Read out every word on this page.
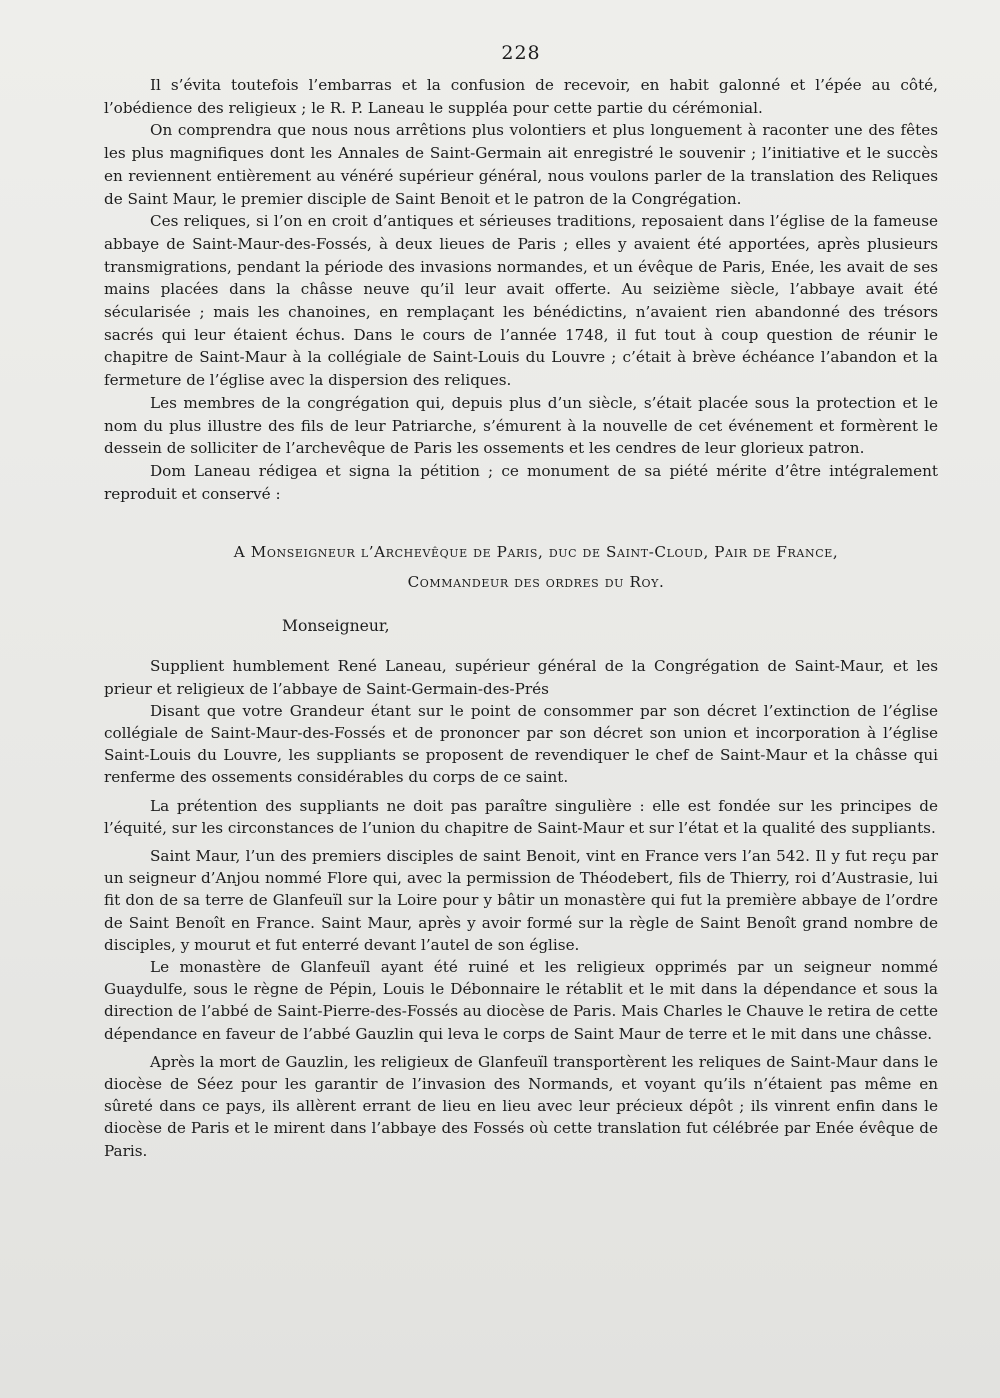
228

Il s’évita toutefois l’embarras et la confusion de recevoir, en habit galonné et l’épée au côté, l’obédience des religieux ; le R. P. Laneau le suppléa pour cette partie du cérémonial.

On comprendra que nous nous arrêtions plus volontiers et plus longuement à raconter une des fêtes les plus magnifiques dont les Annales de Saint-Germain ait enregistré le souvenir ; l’initiative et le succès en reviennent entièrement au vénéré supérieur général, nous voulons parler de la translation des Reliques de Saint Maur, le premier disciple de Saint Benoit et le patron de la Congrégation.

Ces reliques, si l’on en croit d’antiques et sérieuses traditions, reposaient dans l’église de la fameuse abbaye de Saint-Maur-des-Fossés, à deux lieues de Paris ; elles y avaient été apportées, après plusieurs transmigrations, pendant la période des invasions normandes, et un évêque de Paris, Enée, les avait de ses mains placées dans la châsse neuve qu’il leur avait offerte. Au seizième siècle, l’abbaye avait été sécularisée ; mais les chanoines, en remplaçant les bénédictins, n’avaient rien abandonné des trésors sacrés qui leur étaient échus. Dans le cours de l’année 1748, il fut tout à coup question de réunir le chapitre de Saint-Maur à la collégiale de Saint-Louis du Louvre ; c’était à brève échéance l’abandon et la fermeture de l’église avec la dispersion des reliques.

Les membres de la congrégation qui, depuis plus d’un siècle, s’était placée sous la protection et le nom du plus illustre des fils de leur Patriarche, s’émurent à la nouvelle de cet événement et formèrent le dessein de solliciter de l’archevêque de Paris les ossements et les cendres de leur glorieux patron.

Dom Laneau rédigea et signa la pétition ; ce monument de sa piété mérite d’être intégralement reproduit et conservé :

A Monseigneur l’Archevêque de Paris, duc de Saint-Cloud, Pair de France,
Commandeur des ordres du Roy.
Monseigneur,

Supplient humblement René Laneau, supérieur général de la Congrégation de Saint-Maur, et les prieur et religieux de l’abbaye de Saint-Germain-des-Prés

Disant que votre Grandeur étant sur le point de consommer par son décret l’extinction de l’église collégiale de Saint-Maur-des-Fossés et de prononcer par son décret son union et incorporation à l’église Saint-Louis du Louvre, les suppliants se proposent de revendiquer le chef de Saint-Maur et la châsse qui renferme des ossements considérables du corps de ce saint.

La prétention des suppliants ne doit pas paraître singulière : elle est fondée sur les principes de l’équité, sur les circonstances de l’union du chapitre de Saint-Maur et sur l’état et la qualité des suppliants.

Saint Maur, l’un des premiers disciples de saint Benoit, vint en France vers l’an 542. Il y fut reçu par un seigneur d’Anjou nommé Flore qui, avec la permission de Théodebert, fils de Thierry, roi d’Austrasie, lui fit don de sa terre de Glanfeuïl sur la Loire pour y bâtir un monastère qui fut la première abbaye de l’ordre de Saint Benoît en France. Saint Maur, après y avoir formé sur la règle de Saint Benoît grand nombre de disciples, y mourut et fut enterré devant l’autel de son église.

Le monastère de Glanfeuïl ayant été ruiné et les religieux opprimés par un seigneur nommé Guaydulfe, sous le règne de Pépin, Louis le Débonnaire le rétablit et le mit dans la dépendance et sous la direction de l’abbé de Saint-Pierre-des-Fossés au diocèse de Paris. Mais Charles le Chauve le retira de cette dépendance en faveur de l’abbé Gauzlin qui leva le corps de Saint Maur de terre et le mit dans une châsse.

Après la mort de Gauzlin, les religieux de Glanfeuïl transportèrent les reliques de Saint-Maur dans le diocèse de Séez pour les garantir de l’invasion des Normands, et voyant qu’ils n’étaient pas même en sûreté dans ce pays, ils allèrent errant de lieu en lieu avec leur précieux dépôt ; ils vinrent enfin dans le diocèse de Paris et le mirent dans l’abbaye des Fossés où cette translation fut célébrée par Enée évêque de Paris.
